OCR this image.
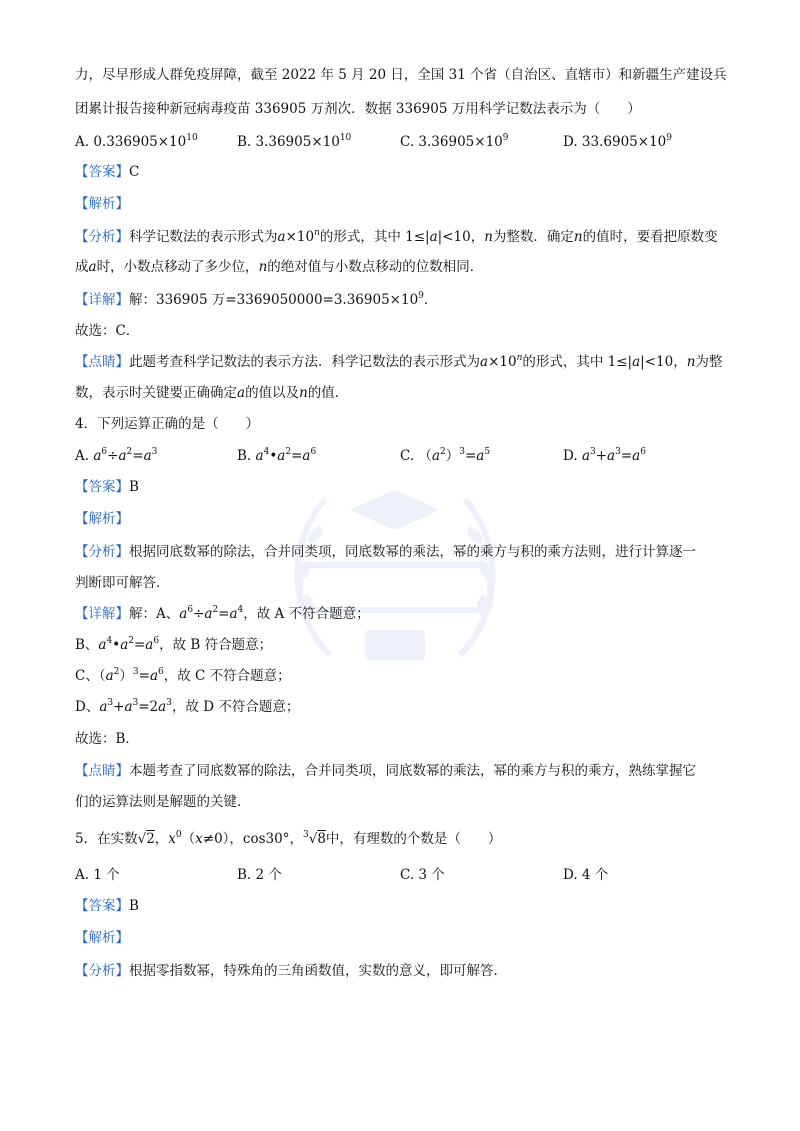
力，尽早形成人群免疫屏障，截至 2022 年 5 月 20 日，全国 31 个省（自治区、直辖市）和新疆生产建设兵

团累计报告接种新冠病毒疫苗 336905 万剂次．数据 336905 万用科学记数法表示为（　　）

A. $0.336905\times 10^{10}$	B. $3.36905\times 10^{10}$	C. $3.36905\times 10^9$	D. $33.6905\times 10^9$

【答案】C

【解析】

【分析】科学记数法的表示形式为$a\times 10^n$的形式，其中 1≤|a|<10，n为整数．确定n的值时，要看把原数变

成a时，小数点移动了多少位，n的绝对值与小数点移动的位数相同．

【详解】解：336905 万$=3369050000=3.36905\times 10^9$．

故选：C．

【点睛】此题考查科学记数法的表示方法．科学记数法的表示形式为$a\times 10^n$的形式，其中 1≤|a|<10，n为整

数，表示时关键要正确确定a的值以及n的值．

4．下列运算正确的是（　　）

A. $a^6\div a^2=a^3$	B. $a^4•a^2=a^6$	C. $(a^2)^3=a^5$	D. $a^3+a^3=a^6$

【答案】B

【解析】

【分析】根据同底数幂的除法，合并同类项，同底数幂的乘法，幂的乘方与积的乘方法则，进行计算逐一

判断即可解答．

【详解】解：A、$a^6\div a^2=a^4$，故 A 不符合题意；

B、$a^4•a^2=a^6$，故 B 符合题意；

C、$(a^2)^3=a^6$，故 C 不符合题意；

D、$a^3+a^3=2a^3$，故 D 不符合题意；

故选：B．

【点睛】本题考查了同底数幂的除法，合并同类项，同底数幂的乘法，幂的乘方与积的乘方，熟练掌握它

们的运算法则是解题的关键．

5．在实数√2，$x^0(x\ne 0)$，cos30°，$^3$√8中，有理数的个数是（　　）

A. 1 个	B. 2 个	C. 3 个	D. 4 个

【答案】B

【解析】

【分析】根据零指数幂，特殊角的三角函数值，实数的意义，即可解答．
